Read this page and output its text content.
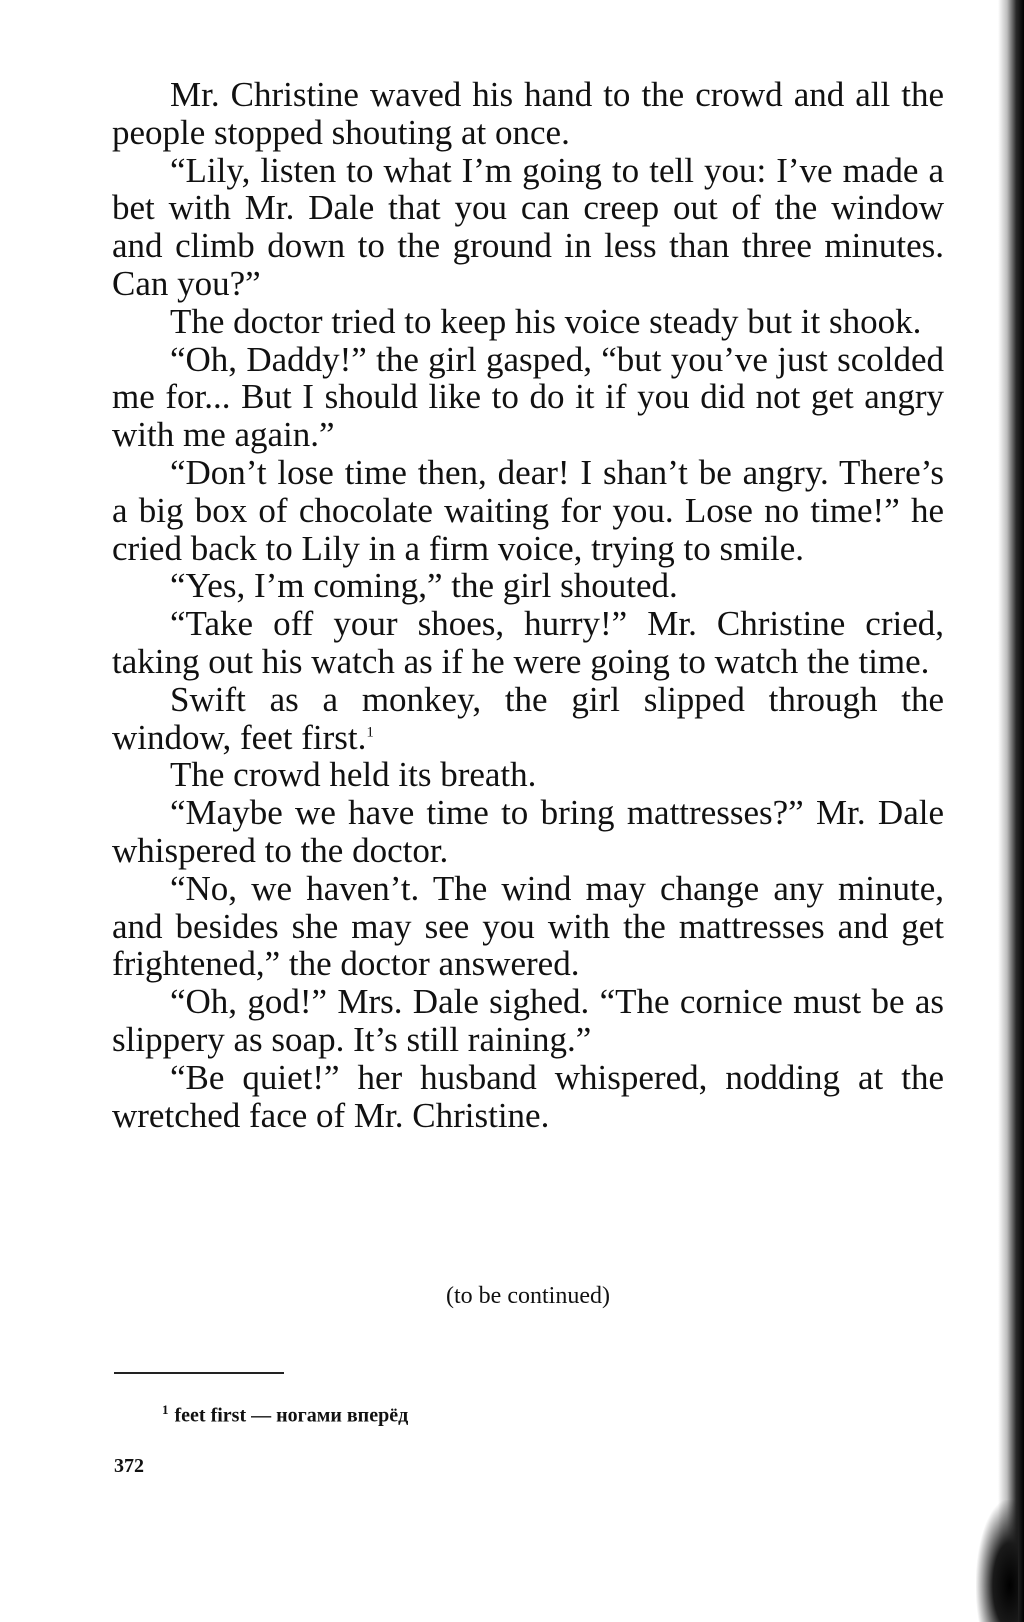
Mr. Christine waved his hand to the crowd and all the people stopped shouting at once.

“Lily, listen to what I’m going to tell you: I’ve made a bet with Mr. Dale that you can creep out of the window and climb down to the ground in less than three minutes. Can you?”

The doctor tried to keep his voice steady but it shook.

“Oh, Daddy!” the girl gasped, “but you’ve just scolded me for... But I should like to do it if you did not get angry with me again.”

“Don’t lose time then, dear! I shan’t be angry. There’s a big box of chocolate waiting for you. Lose no time!” he cried back to Lily in a firm voice, trying to smile.

“Yes, I’m coming,” the girl shouted.

“Take off your shoes, hurry!” Mr. Christine cried, taking out his watch as if he were going to watch the time.

Swift as a monkey, the girl slipped through the window, feet first.$^1$

The crowd held its breath.

“Maybe we have time to bring mattresses?” Mr. Dale whispered to the doctor.

“No, we haven’t. The wind may change any minute, and besides she may see you with the mattresses and get frightened,” the doctor answered.

“Oh, god!” Mrs. Dale sighed. “The cornice must be as slippery as soap. It’s still raining.”

“Be quiet!” her husband whispered, nodding at the wretched face of Mr. Christine.

(to be continued)
$^1$ feet first — ногами вперёд
372
